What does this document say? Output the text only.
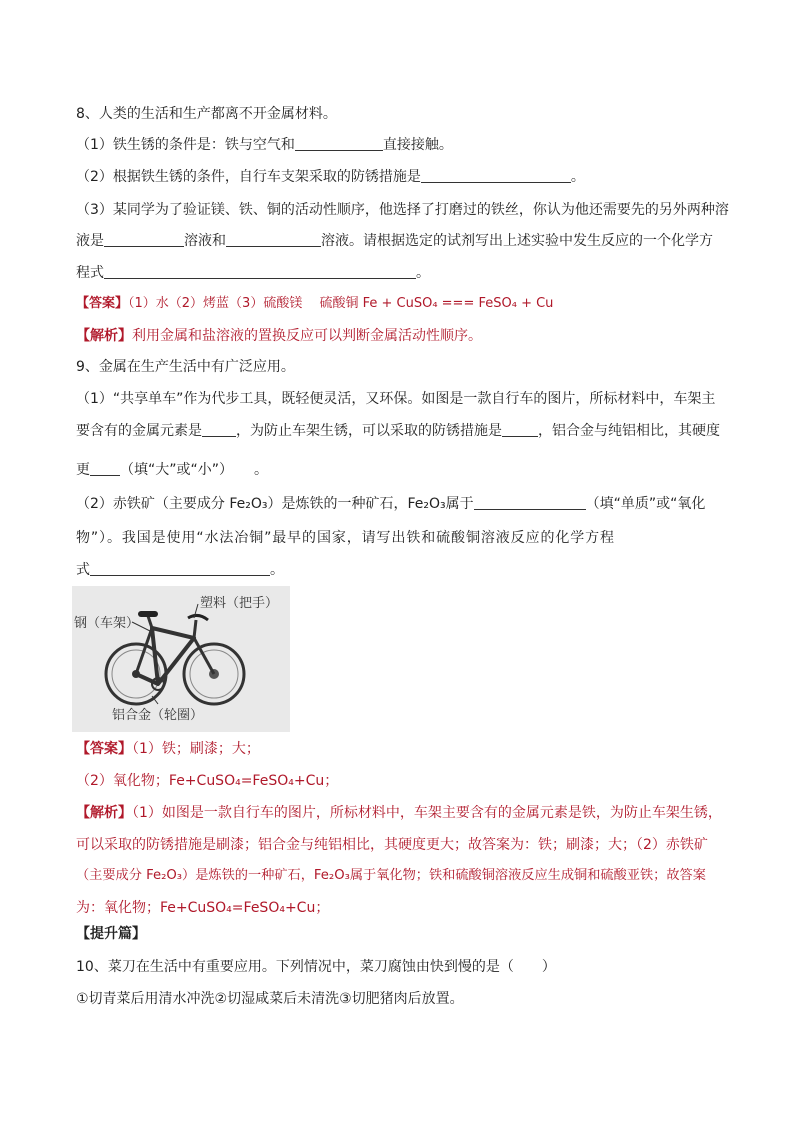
8、人类的生活和生产都离不开金属材料。
（1）铁生锈的条件是：铁与空气和	直接接触。
（2）根据铁生锈的条件，自行车支架采取的防锈措施是	。
（3）某同学为了验证镁、铁、铜的活动性顺序，他选择了打磨过的铁丝，你认为他还需要先的另外两种溶
液是	溶液和	溶液。请根据选定的试剂写出上述实验中发生反应的一个化学方
程式	。
【答案】（1）水（2）烤蓝（3）硫酸镁　 硫酸铜 Fe + CuSO₄ === FeSO₄ + Cu
【解析】利用金属和盐溶液的置换反应可以判断金属活动性顺序。
9、金属在生产生活中有广泛应用。
（1）“共享单车”作为代步工具，既轻便灵活，又环保。如图是一款自行车的图片，所标材料中，车架主
要含有的金属元素是 ，为防止车架生锈，可以采取的防锈措施是	，铝合金与纯铝相比，其硬度
更 （填“大”或“小”）　　。
（2）赤铁矿（主要成分 Fe₂O₃）是炼铁的一种矿石，Fe₂O₃属于	（填“单质”或“氧化
物”）。我国是使用“水法冶铜”最早的国家，请写出铁和硫酸铜溶液反应的化学方程
式	。
塑料（把手）
钢（车架）
铝合金（轮圈）
【答案】（1）铁；刷漆；大；
（2）氧化物；Fe+CuSO₄=FeSO₄+Cu；
【解析】（1）如图是一款自行车的图片，所标材料中，车架主要含有的金属元素是铁，为防止车架生锈，
可以采取的防锈措施是刷漆；铝合金与纯铝相比，其硬度更大；故答案为：铁；刷漆；大；（2）赤铁矿
（主要成分 Fe₂O₃）是炼铁的一种矿石，Fe₂O₃属于氧化物；铁和硫酸铜溶液反应生成铜和硫酸亚铁；故答案
为：氧化物；Fe+CuSO₄=FeSO₄+Cu；
【提升篇】
10、菜刀在生活中有重要应用。下列情况中，菜刀腐蚀由快到慢的是（　　）
①切青菜后用清水冲洗②切湿咸菜后未清洗③切肥猪肉后放置。
